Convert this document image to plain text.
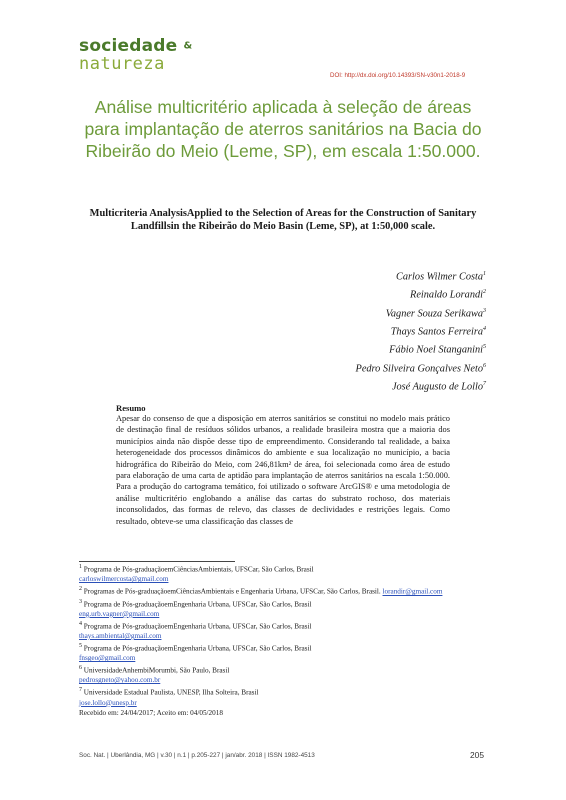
sociedade &
natureza
DOI: http://dx.doi.org/10.14393/SN-v30n1-2018-9
Análise multicritério aplicada à seleção de áreas para implantação de aterros sanitários na Bacia do Ribeirão do Meio (Leme, SP), em escala 1:50.000.
Multicriteria AnalysisApplied to the Selection of Areas for the Construction of Sanitary Landfillsin the Ribeirão do Meio Basin (Leme, SP), at 1:50,000 scale.
Carlos Wilmer Costa$^1$
Reinaldo Lorandi$^2$
Vagner Souza Serikawa$^3$
Thays Santos Ferreira$^4$
Fábio Noel Stanganini$^5$
Pedro Silveira Gonçalves Neto$^6$
José Augusto de Lollo$^7$
Resumo
Apesar do consenso de que a disposição em aterros sanitários se constitui no modelo mais prático de destinação final de resíduos sólidos urbanos, a realidade brasileira mostra que a maioria dos municípios ainda não dispõe desse tipo de empreendimento. Considerando tal realidade, a baixa heterogeneidade dos processos dinâmicos do ambiente e sua localização no município, a bacia hidrográfica do Ribeirão do Meio, com 246,81km² de área, foi selecionada como área de estudo para elaboração de uma carta de aptidão para implantação de aterros sanitários na escala 1:50.000. Para a produção do cartograma temático, foi utilizado o software ArcGIS® e uma metodologia de análise multicritério englobando a análise das cartas do substrato rochoso, dos materiais inconsolidados, das formas de relevo, das classes de declividades e restrições legais. Como resultado, obteve-se uma classificação das classes de
$^1$ Programa de Pós-graduaçãoemCiênciasAmbientais, UFSCar, São Carlos, Brasil
carloswilmercosta@gmail.com
$^2$ Programas de Pós-graduaçãoemCiênciasAmbientais e Engenharia Urbana, UFSCar, São Carlos, Brasil. lorandir@gmail.com
$^3$ Programa de Pós-graduaçãoemEngenharia Urbana, UFSCar, São Carlos, Brasil
eng.urb.vagner@gmail.com
$^4$ Programa de Pós-graduaçãoemEngenharia Urbana, UFSCar, São Carlos, Brasil
thays.ambiental@gmail.com
$^5$ Programa de Pós-graduaçãoemEngenharia Urbana, UFSCar, São Carlos, Brasil
fnsgeo@gmail.com
$^6$ UniversidadeAnhembiMorumbi, São Paulo, Brasil
pedrosgneto@yahoo.com.br
$^7$ Universidade Estadual Paulista, UNESP, Ilha Solteira, Brasil
jose.lollo@unesp.br
Recebido em: 24/04/2017; Aceito em: 04/05/2018
Soc. Nat. | Uberlândia, MG | v.30 | n.1 | p.205-227 | jan/abr. 2018 | ISSN 1982-4513	205
